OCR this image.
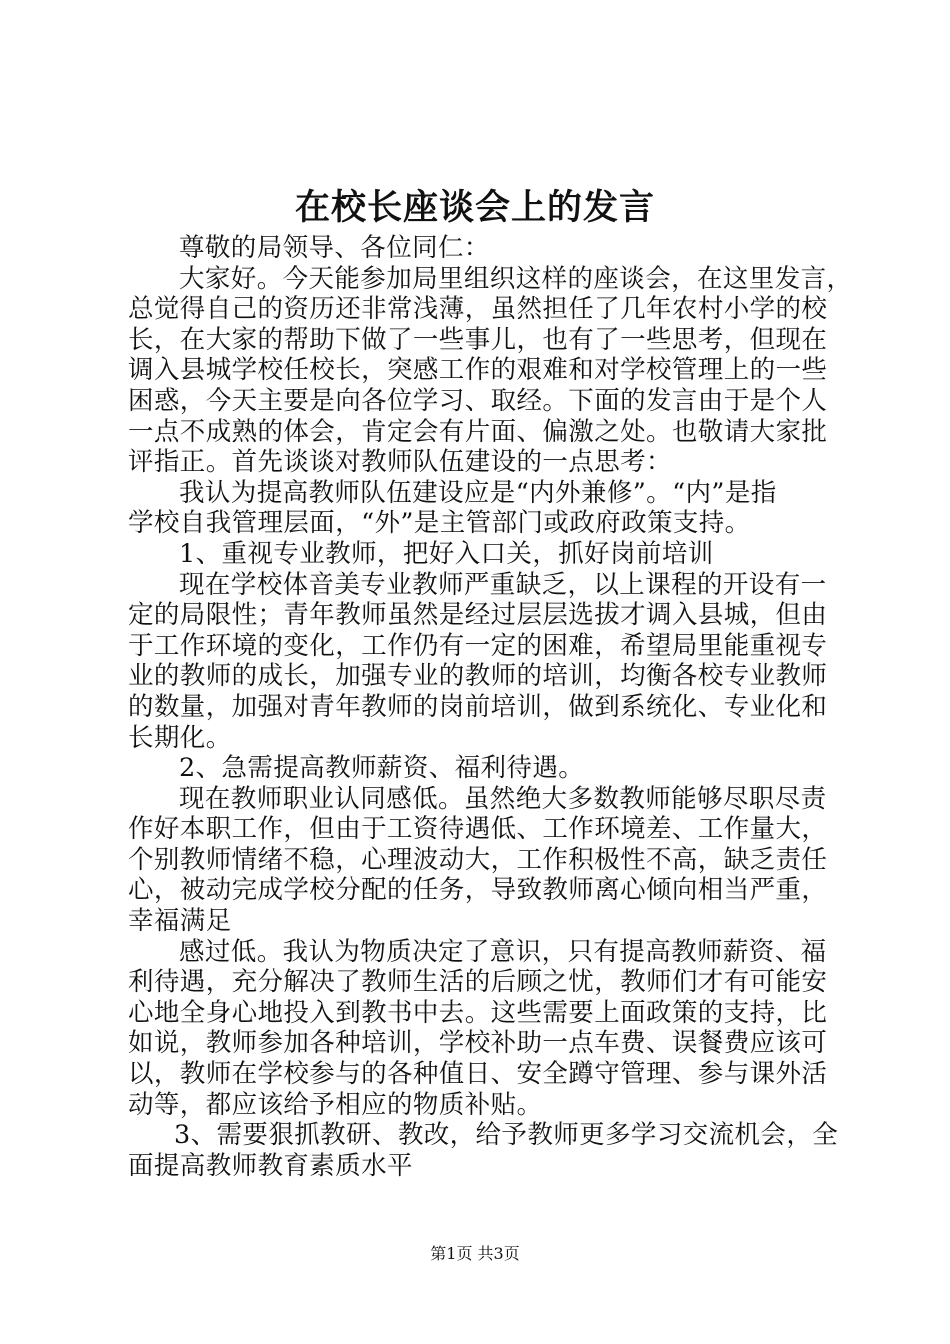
在校长座谈会上的发言
尊敬的局领导、各位同仁：
大家好。今天能参加局里组织这样的座谈会，在这里发言，
总觉得自己的资历还非常浅薄，虽然担任了几年农村小学的校
长，在大家的帮助下做了一些事儿，也有了一些思考，但现在
调入县城学校任校长，突感工作的艰难和对学校管理上的一些
困惑，今天主要是向各位学习、取经。下面的发言由于是个人
一点不成熟的体会，肯定会有片面、偏激之处。也敬请大家批
评指正。首先谈谈对教师队伍建设的一点思考：
我认为提高教师队伍建设应是“内外兼修”。“内”是指
学校自我管理层面，“外”是主管部门或政府政策支持。
1、重视专业教师，把好入口关，抓好岗前培训
现在学校体音美专业教师严重缺乏，以上课程的开设有一
定的局限性；青年教师虽然是经过层层选拔才调入县城，但由
于工作环境的变化，工作仍有一定的困难，希望局里能重视专
业的教师的成长，加强专业的教师的培训，均衡各校专业教师
的数量，加强对青年教师的岗前培训，做到系统化、专业化和
长期化。
2、急需提高教师薪资、福利待遇。
现在教师职业认同感低。虽然绝大多数教师能够尽职尽责
作好本职工作，但由于工资待遇低、工作环境差、工作量大，
个别教师情绪不稳，心理波动大，工作积极性不高，缺乏责任
心，被动完成学校分配的任务，导致教师离心倾向相当严重，
幸福满足
感过低。我认为物质决定了意识，只有提高教师薪资、福
利待遇，充分解决了教师生活的后顾之忧，教师们才有可能安
心地全身心地投入到教书中去。这些需要上面政策的支持，比
如说，教师参加各种培训，学校补助一点车费、误餐费应该可
以，教师在学校参与的各种值日、安全蹲守管理、参与课外活
动等，都应该给予相应的物质补贴。
3、需要狠抓教研、教改，给予教师更多学习交流机会，全
面提高教师教育素质水平
第1页 共3页
